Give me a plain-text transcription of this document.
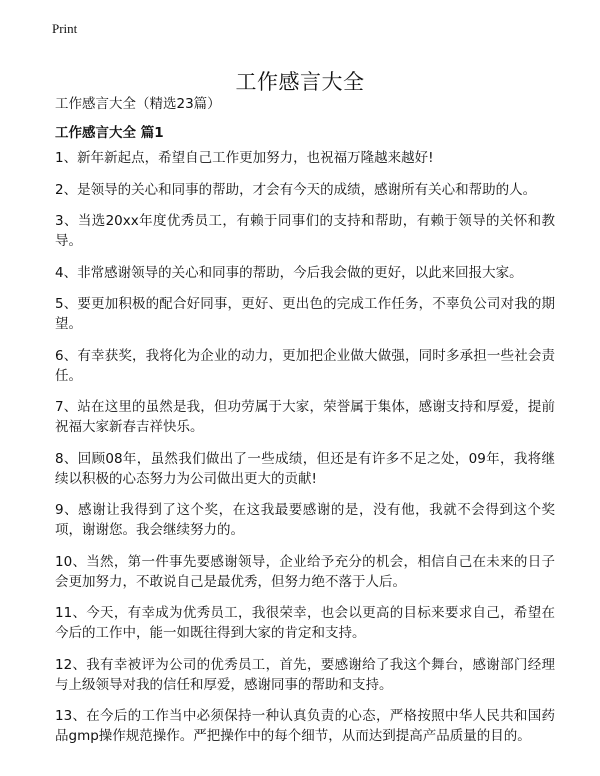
Print
工作感言大全
工作感言大全（精选23篇）
工作感言大全 篇1
1、新年新起点，希望自己工作更加努力，也祝福万隆越来越好!
2、是领导的关心和同事的帮助，才会有今天的成绩，感谢所有关心和帮助的人。
3、当选20xx年度优秀员工，有赖于同事们的支持和帮助，有赖于领导的关怀和教导。
4、非常感谢领导的关心和同事的帮助，今后我会做的更好，以此来回报大家。
5、要更加积极的配合好同事，更好、更出色的完成工作任务，不辜负公司对我的期望。
6、有幸获奖，我将化为企业的动力，更加把企业做大做强，同时多承担一些社会责任。
7、站在这里的虽然是我，但功劳属于大家，荣誉属于集体，感谢支持和厚爱，提前祝福大家新春吉祥快乐。
8、回顾08年，虽然我们做出了一些成绩，但还是有许多不足之处，09年，我将继续以积极的心态努力为公司做出更大的贡献!
9、感谢让我得到了这个奖，在这我最要感谢的是，没有他，我就不会得到这个奖项，谢谢您。我会继续努力的。
10、当然，第一件事先要感谢领导，企业给予充分的机会，相信自己在未来的日子会更加努力，不敢说自己是最优秀，但努力绝不落于人后。
11、今天，有幸成为优秀员工，我很荣幸，也会以更高的目标来要求自己，希望在今后的工作中，能一如既往得到大家的肯定和支持。
12、我有幸被评为公司的优秀员工，首先，要感谢给了我这个舞台，感谢部门经理与上级领导对我的信任和厚爱，感谢同事的帮助和支持。
13、在今后的工作当中必须保持一种认真负责的心态，严格按照中华人民共和国药品gmp操作规范操作。严把操作中的每个细节，从而达到提高产品质量的目的。
